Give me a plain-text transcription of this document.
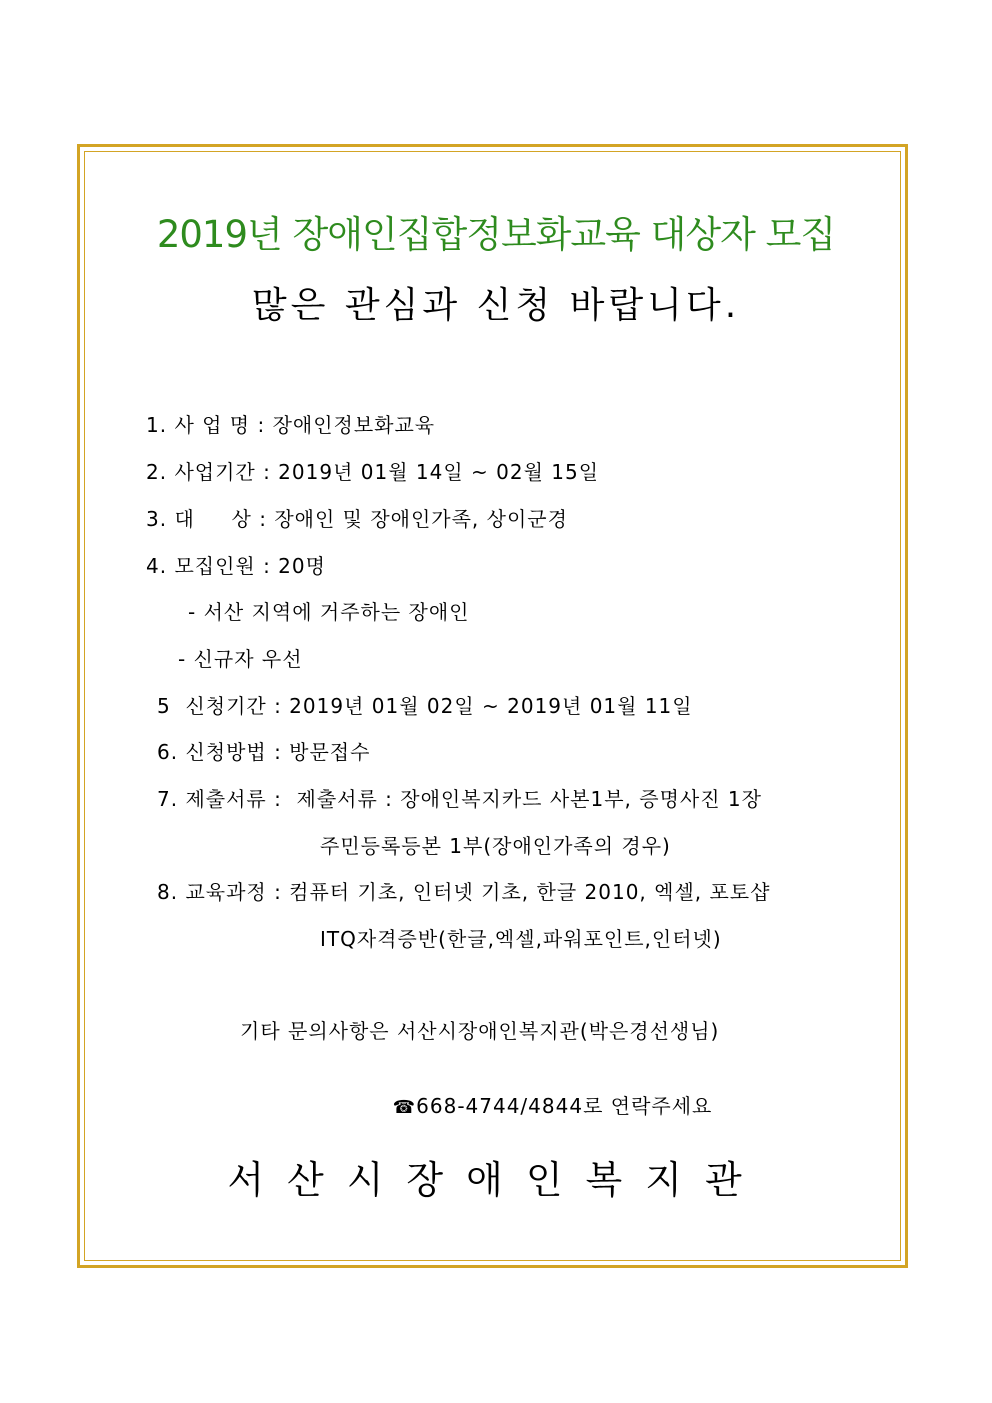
2019년 장애인집합정보화교육 대상자 모집
많은 관심과 신청 바랍니다.
1. 사 업 명 : 장애인정보화교육
2. 사업기간 : 2019년 01월 14일 ~ 02월 15일
3. 대     상 : 장애인 및 장애인가족, 상이군경
4. 모집인원 : 20명
- 서산 지역에 거주하는 장애인
- 신규자 우선
5  신청기간 : 2019년 01월 02일 ~ 2019년 01월 11일
6. 신청방법 : 방문접수
7. 제출서류 :  제출서류 : 장애인복지카드 사본1부, 증명사진 1장
주민등록등본 1부(장애인가족의 경우)
8. 교육과정 : 컴퓨터 기초, 인터넷 기초, 한글 2010, 엑셀, 포토샵
ITQ자격증반(한글,엑셀,파워포인트,인터넷)
기타 문의사항은 서산시장애인복지관(박은경선생님)

☎668-4744/4844로 연락주세요

서산시장애인복지관
